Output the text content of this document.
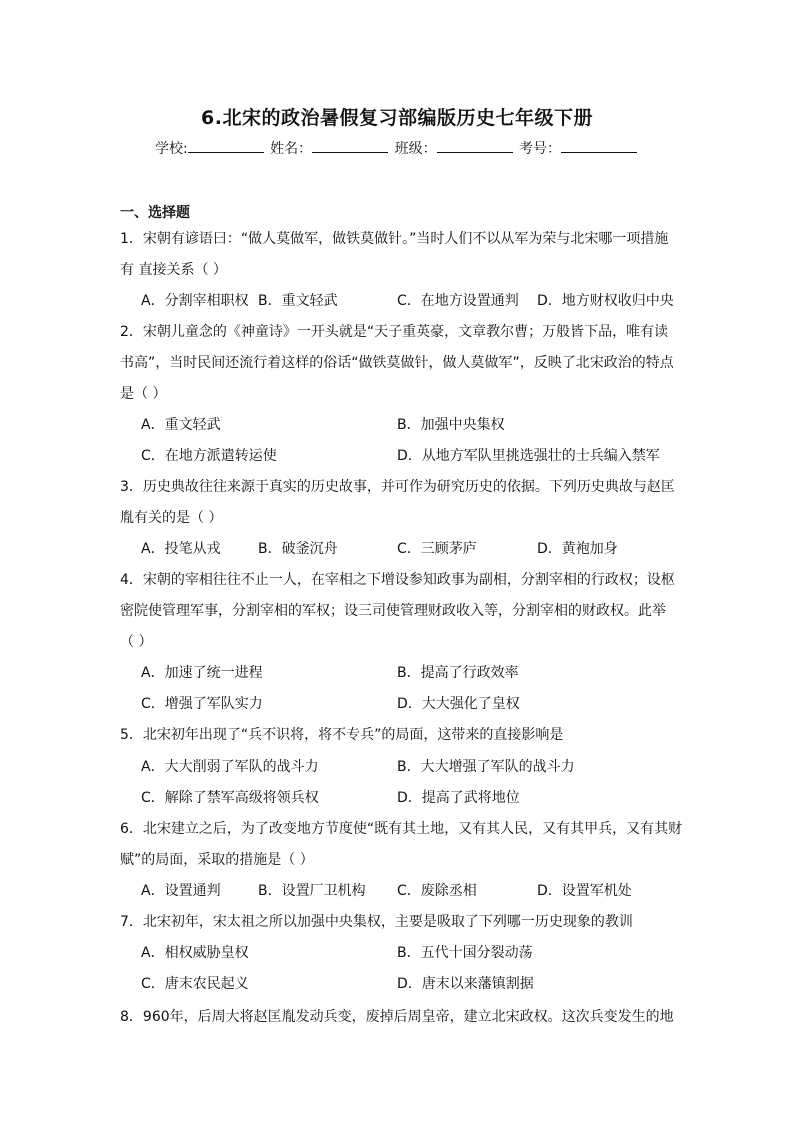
6.北宋的政治暑假复习部编版历史七年级下册
学校:	姓名：	班级：	考号：
一、选择题
1．宋朝有谚语曰：“做人莫做军，做铁莫做针。”当时人们不以从军为荣与北宋哪一项措施
有 直接关系（ ）
A．分割宰相职权 B．重文轻武	C．在地方设置通判 D．地方财权收归中央
2．宋朝儿童念的《神童诗》一开头就是“天子重英豪，文章教尔曹；万般皆下品，唯有读
书高”，当时民间还流行着这样的俗话“做铁莫做针，做人莫做军”，反映了北宋政治的特点
是（ ）
A．重文轻武	B．加强中央集权
C．在地方派遣转运使	D．从地方军队里挑选强壮的士兵编入禁军
3．历史典故往往来源于真实的历史故事，并可作为研究历史的依据。下列历史典故与赵匡
胤有关的是（ ）
A．投笔从戎	B．破釜沉舟	C．三顾茅庐	D．黄袍加身
4．宋朝的宰相往往不止一人，在宰相之下增设参知政事为副相，分割宰相的行政权；设枢
密院使管理军事，分割宰相的军权；设三司使管理财政收入等，分割宰相的财政权。此举
（ ）
A．加速了统一进程	B．提高了行政效率
C．增强了军队实力	D．大大强化了皇权
5．北宋初年出现了“兵不识将，将不专兵”的局面，这带来的直接影响是
A．大大削弱了军队的战斗力	B．大大增强了军队的战斗力
C．解除了禁军高级将领兵权	D．提高了武将地位
6．北宋建立之后，为了改变地方节度使“既有其土地，又有其人民，又有其甲兵，又有其财
赋”的局面，采取的措施是（ ）
A．设置通判	B．设置厂卫机构 C．废除丞相	D．设置军机处
7．北宋初年，宋太祖之所以加强中央集权，主要是吸取了下列哪一历史现象的教训
A．相权威胁皇权	B．五代十国分裂动荡
C．唐末农民起义	D．唐末以来藩镇割据
8．960年，后周大将赵匡胤发动兵变，废掉后周皇帝，建立北宋政权。这次兵变发生的地
